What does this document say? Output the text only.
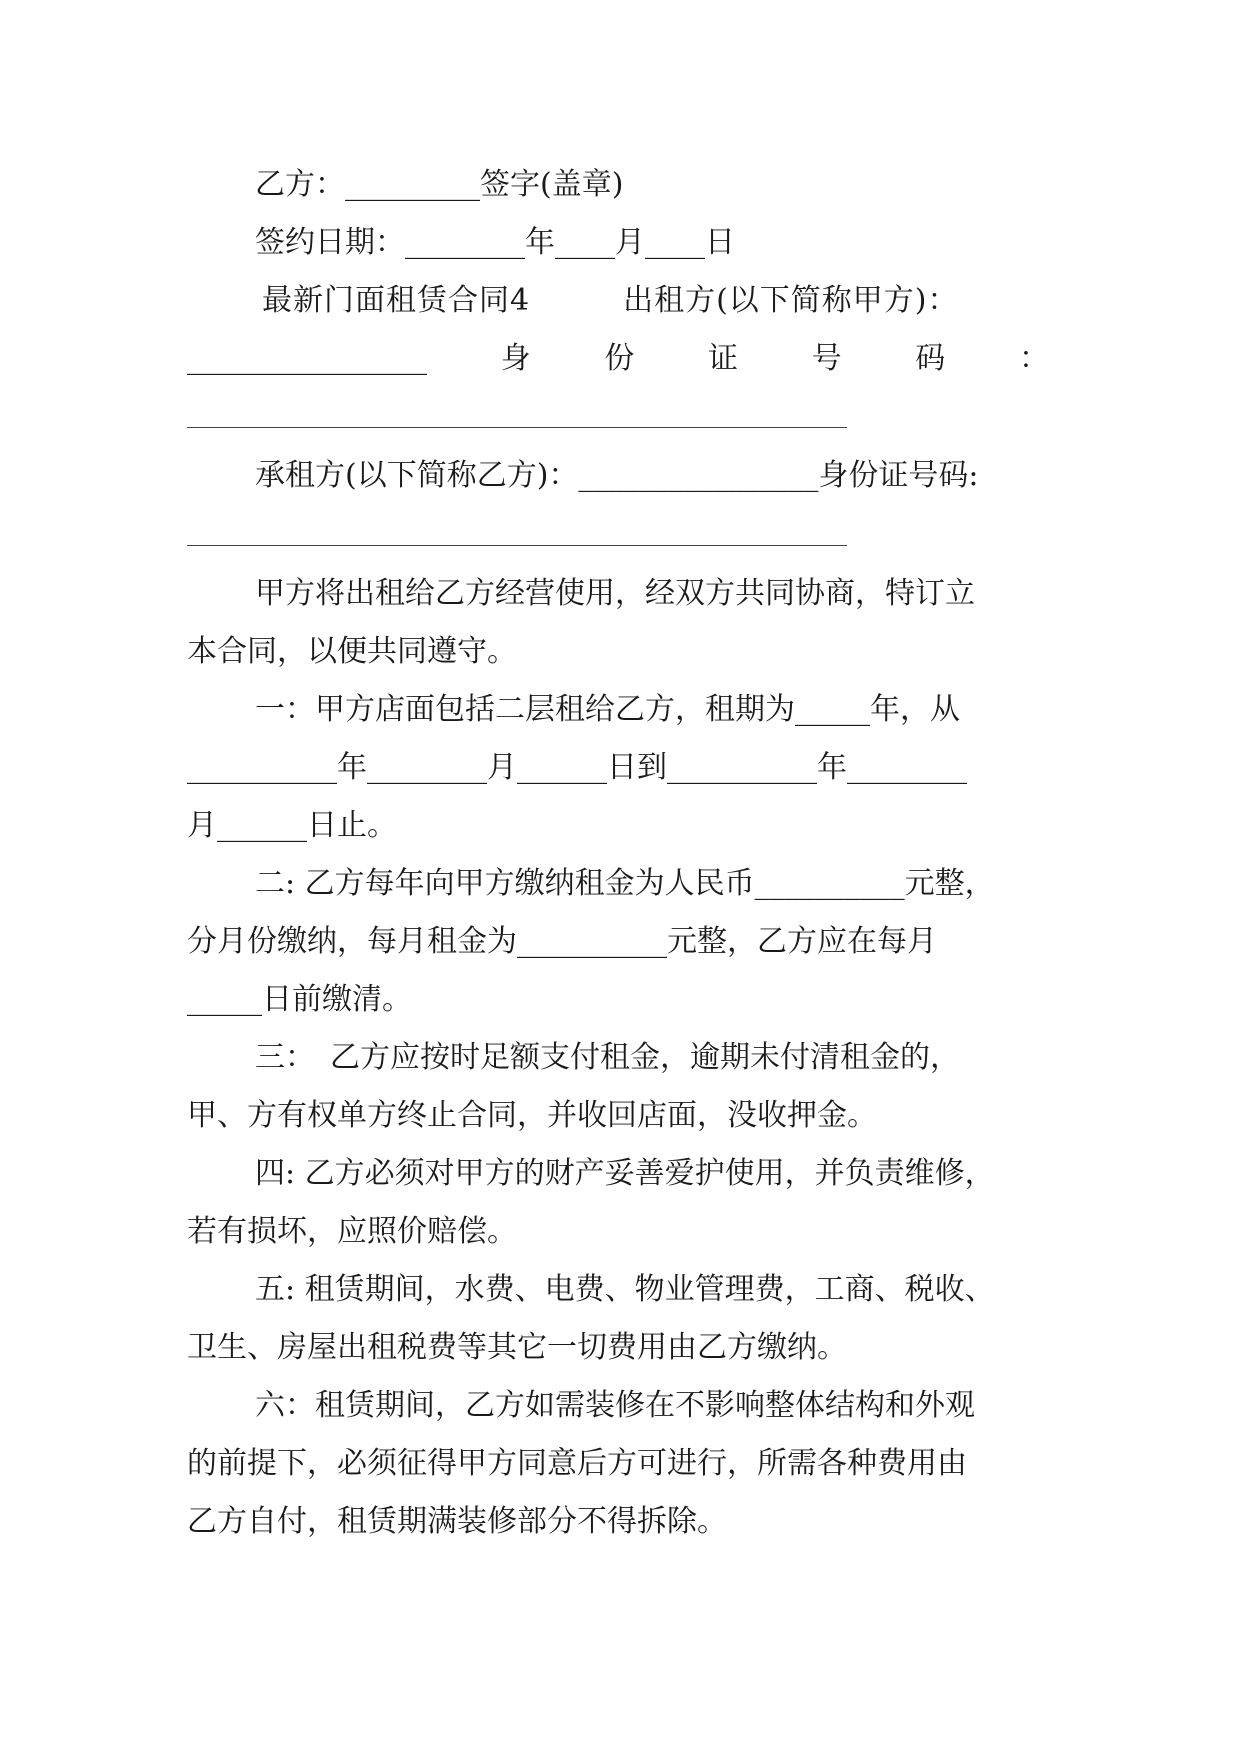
乙方：_________签字(盖章)

签约日期：________年____月____日

最新门面租赁合同4　　　出租方(以下简称甲方)：

________________ 身 份 证 号 码 ：

承租方(以下简称乙方)：________________身份证号码:

甲方将出租给乙方经营使用，经双方共同协商，特订立

本合同，以便共同遵守。

一：甲方店面包括二层租给乙方，租期为_____年，从

__________年________月______日到__________年________

月______日止。

二: 乙方每年向甲方缴纳租金为人民币__________元整，

分月份缴纳，每月租金为__________元整，乙方应在每月

_____日前缴清。

三：　乙方应按时足额支付租金，逾期未付清租金的，

甲、方有权单方终止合同，并收回店面，没收押金。

四: 乙方必须对甲方的财产妥善爱护使用，并负责维修，

若有损坏，应照价赔偿。

五: 租赁期间，水费、电费、物业管理费，工商、税收、

卫生、房屋出租税费等其它一切费用由乙方缴纳。

六：租赁期间，乙方如需装修在不影响整体结构和外观

的前提下，必须征得甲方同意后方可进行，所需各种费用由

乙方自付，租赁期满装修部分不得拆除。
